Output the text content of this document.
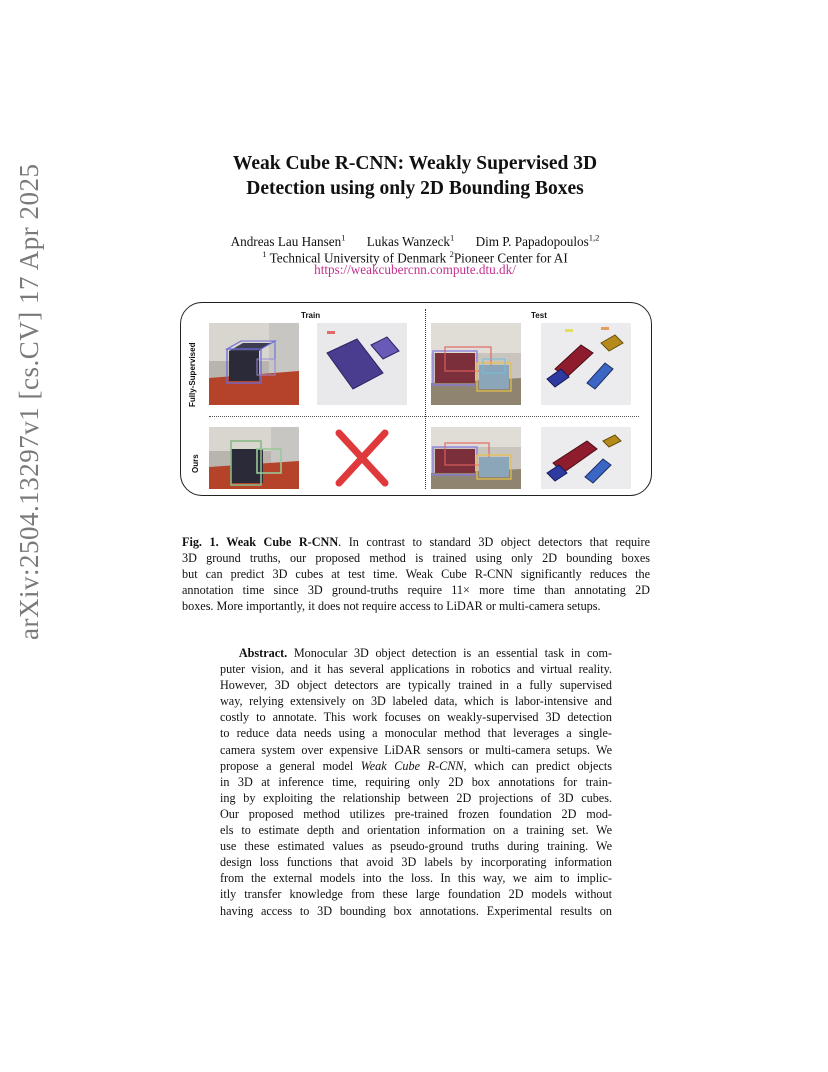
arXiv:2504.13297v1 [cs.CV] 17 Apr 2025
Weak Cube R-CNN: Weakly Supervised 3D
Detection using only 2D Bounding Boxes
Andreas Lau Hansen$^1$ Lukas Wanzeck$^1$ Dim P. Papadopoulos$^{1,2}$
$^1$ Technical University of Denmark $^2$Pioneer Center for AI
https://weakcubercnn.compute.dtu.dk/
Train	Test
Fully-Supervised
Ours
Fig. 1. Weak Cube R-CNN. In contrast to standard 3D object detectors that require
3D ground truths, our proposed method is trained using only 2D bounding boxes
but can predict 3D cubes at test time. Weak Cube R-CNN significantly reduces the
annotation time since 3D ground-truths require 11× more time than annotating 2D
boxes. More importantly, it does not require access to LiDAR or multi-camera setups.
  Abstract. Monocular 3D object detection is an essential task in com-
puter vision, and it has several applications in robotics and virtual reality.
However, 3D object detectors are typically trained in a fully supervised
way, relying extensively on 3D labeled data, which is labor-intensive and
costly to annotate. This work focuses on weakly-supervised 3D detection
to reduce data needs using a monocular method that leverages a single-
camera system over expensive LiDAR sensors or multi-camera setups. We
propose a general model Weak Cube R-CNN, which can predict objects
in 3D at inference time, requiring only 2D box annotations for train-
ing by exploiting the relationship between 2D projections of 3D cubes.
Our proposed method utilizes pre-trained frozen foundation 2D mod-
els to estimate depth and orientation information on a training set. We
use these estimated values as pseudo-ground truths during training. We
design loss functions that avoid 3D labels by incorporating information
from the external models into the loss. In this way, we aim to implic-
itly transfer knowledge from these large foundation 2D models without
having access to 3D bounding box annotations. Experimental results on
